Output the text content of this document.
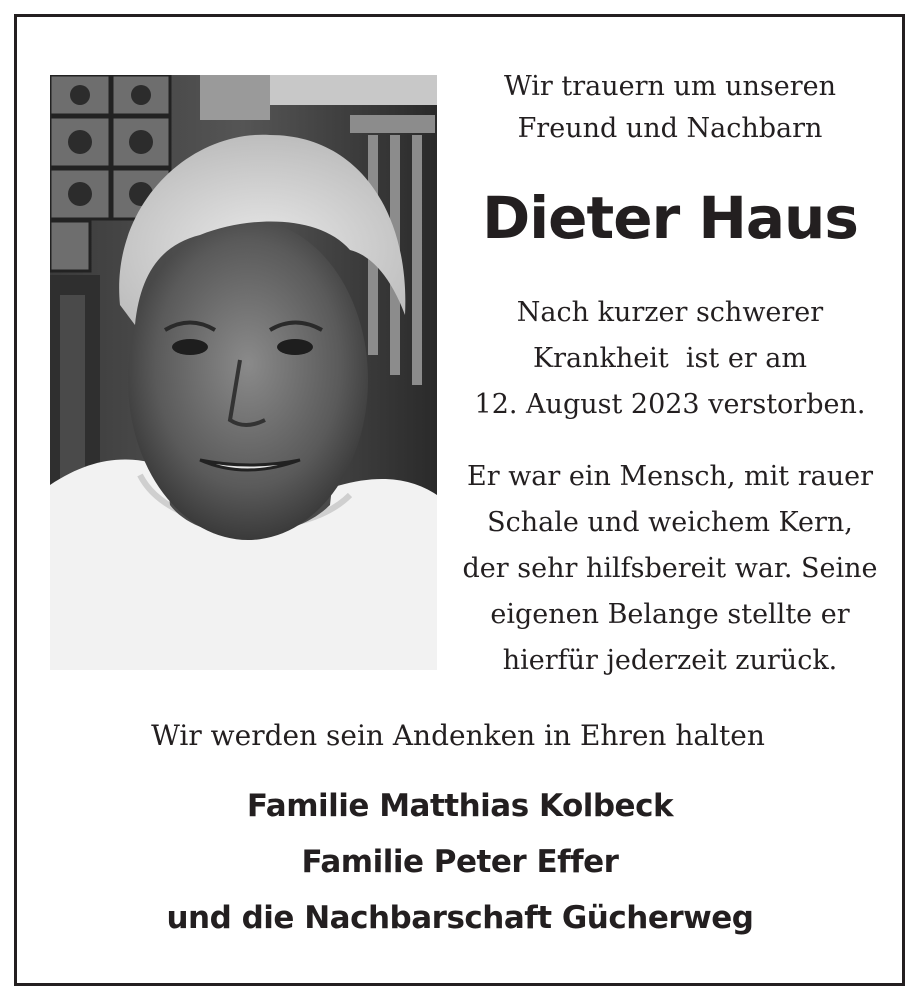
Wir trauern um unseren
Freund und Nachbarn
Dieter Haus
Nach kurzer schwerer
Krankheit  ist er am
12. August 2023 verstorben.
Er war ein Mensch, mit rauer
Schale und weichem Kern,
der sehr hilfsbereit war. Seine
eigenen Belange stellte er
hierfür jederzeit zurück.
Wir werden sein Andenken in Ehren halten
Familie Matthias Kolbeck
Familie Peter Effer
und die Nachbarschaft Gücherweg
